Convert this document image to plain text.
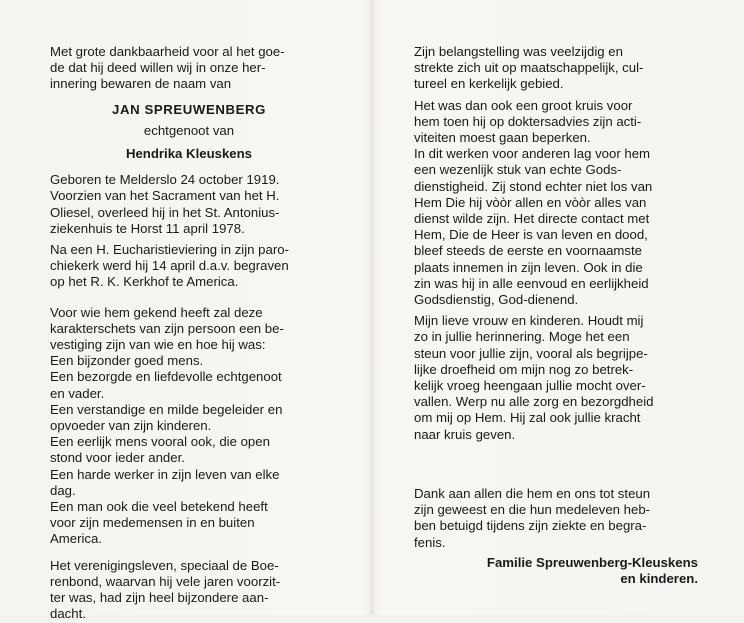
Met grote dankbaarheid voor al het goe-
de dat hij deed willen wij in onze her-
innering bewaren de naam van

JAN SPREUWENBERG
echtgenoot van
Hendrika Kleuskens

Geboren te Melderslo 24 october 1919.
Voorzien van het Sacrament van het H.
Oliesel, overleed hij in het St. Antonius-
ziekenhuis te Horst 11 april 1978.

Na een H. Eucharistieviering in zijn paro-
chiekerk werd hij 14 april d.a.v. begraven
op het R. K. Kerkhof te America.

Voor wie hem gekend heeft zal deze
karakterschets van zijn persoon een be-
vestiging zijn van wie en hoe hij was:
Een bijzonder goed mens.
Een bezorgde en liefdevolle echtgenoot
en vader.
Een verstandige en milde begeleider en
opvoeder van zijn kinderen.
Een eerlijk mens vooral ook, die open
stond voor ieder ander.
Een harde werker in zijn leven van elke
dag.
Een man ook die veel betekend heeft
voor zijn medemensen in en buiten
America.

Het verenigingsleven, speciaal de Boe-
renbond, waarvan hij vele jaren voorzit-
ter was, had zijn heel bijzondere aan-
dacht.

Zijn belangstelling was veelzijdig en
strekte zich uit op maatschappelijk, cul-
tureel en kerkelijk gebied.

Het was dan ook een groot kruis voor
hem toen hij op doktersadvies zijn acti-
viteiten moest gaan beperken.
In dit werken voor anderen lag voor hem
een wezenlijk stuk van echte Gods-
dienstigheid. Zij stond echter niet los van
Hem Die hij vòòr allen en vòòr alles van
dienst wilde zijn. Het directe contact met
Hem, Die de Heer is van leven en dood,
bleef steeds de eerste en voornaamste
plaats innemen in zijn leven. Ook in die
zin was hij in alle eenvoud en eerlijkheid
Godsdienstig, God-dienend.

Mijn lieve vrouw en kinderen. Houdt mij
zo in jullie herinnering. Moge het een
steun voor jullie zijn, vooral als begrijpe-
lijke droefheid om mijn nog zo betrek-
kelijk vroeg heengaan jullie mocht over-
vallen. Werp nu alle zorg en bezorgdheid
om mij op Hem. Hij zal ook jullie kracht
naar kruis geven.

Dank aan allen die hem en ons tot steun
zijn geweest en die hun medeleven heb-
ben betuigd tijdens zijn ziekte en begra-
fenis.
Familie Spreuwenberg-Kleuskens
en kinderen.
